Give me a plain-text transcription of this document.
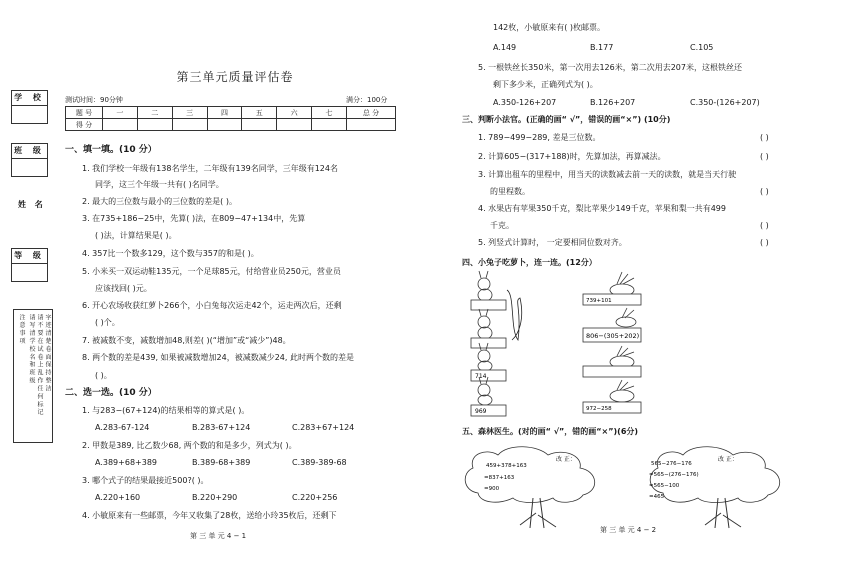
学 校
班 级
姓 名
等 级
注 意 事 项 请 写 清 学 校 名 和 班 级 请 不 要 在 试 卷 上 乱 作 任 何 标 记 字 迹 清 楚 卷 面 保 持 整 洁
第三单元质量评估卷
测试时间：90分钟	满分：100分
题 号	一	二	三	四	五	六	七	总 分
得 分								
一、填一填。(10 分）
1. 我们学校一年级有138名学生，二年级有139名同学，三年级有124名
同学，这三个年级一共有( )名同学。
2. 最大的三位数与最小的三位数的差是( )。
3. 在735+186−25中，先算( )法，在809−47+134中，先算
( )法，计算结果是( )。
4. 357比一个数多129，这个数与357的和是( )。
5. 小米买一双运动鞋135元，一个足球85元，付给营业员250元，营业员
应该找回( )元。
6. 开心农场收获红萝卜266个，小白兔每次运走42个，运走两次后，还剩
( )个。
7. 被减数不变，减数增加48,则差( )(“增加”或“减少”)48。
8. 两个数的差是439, 如果被减数增加24，被减数减少24, 此时两个数的差是
( )。
二、选一选。(10 分）
1. 与283−(67+124)的结果相等的算式是( )。
A.283-67-124	B.283-67+124	C.283+67+124
2. 甲数是389, 比乙数少68, 两个数的和是多少，列式为( )。
A.389+68+389	B.389-68+389	C.389-389-68
3. 哪个式子的结果最接近500?( )。
A.220+160	B.220+290	C.220+256
4. 小敏原来有一些邮票，今年又收集了28枚，送给小玲35枚后，还剩下
第 三 单 元 4 − 1
142枚，小敏原来有( )枚邮票。
A.149	B.177	C.105
5. 一根铁丝长350米，第一次用去126米，第二次用去207米，这根铁丝还
剩下多少米，正确列式为( )。
A.350-126+207	B.126+207	C.350-(126+207)
三、判断小法官。(正确的画“ √”，错误的画“×”) (10分)
1. 789−499−289, 差是三位数。	( )
2. 计算605−(317+188)时，先算加法，再算减法。	( )
3. 计算出租车的里程中，用当天的读数减去前一天的读数，就是当天行驶
的里程数。	( )
4. 水果店有苹果350千克，梨比苹果少149千克，苹果和梨一共有499
千克。	( )
5. 列竖式计算时， 一定要相同位数对齐。	( )
四、小兔子吃萝卜，连一连。(12分）
714
969
739+101
806−(305+202)
972−258
五、森林医生。(对的画“ √”，错的画“×”)(6分)
改 正：
459+378+163
=837+163
=900
改 正：
565−276−176
=565−(276−176)
=565−100
=465
第 三 单 元 4 − 2
